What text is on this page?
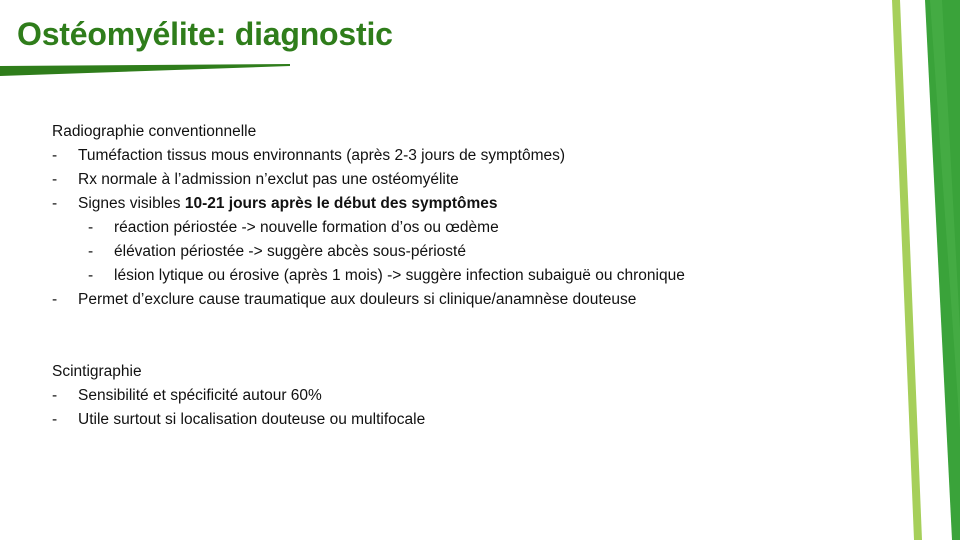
Ostéomyélite: diagnostic
Radiographie conventionnelle
- Tuméfaction tissus mous environnants (après 2-3 jours de symptômes)
- Rx normale à l’admission n’exclut pas une ostéomyélite
- Signes visibles 10-21 jours après le début des symptômes
- réaction périostée -> nouvelle formation d’os ou œdème
- élévation périostée -> suggère abcès sous-périosté
- lésion lytique ou érosive (après 1 mois) -> suggère infection subaiguë ou chronique
- Permet d’exclure cause traumatique aux douleurs si clinique/anamnèse douteuse
Scintigraphie
- Sensibilité et spécificité autour 60%
- Utile surtout si localisation douteuse ou multifocale
